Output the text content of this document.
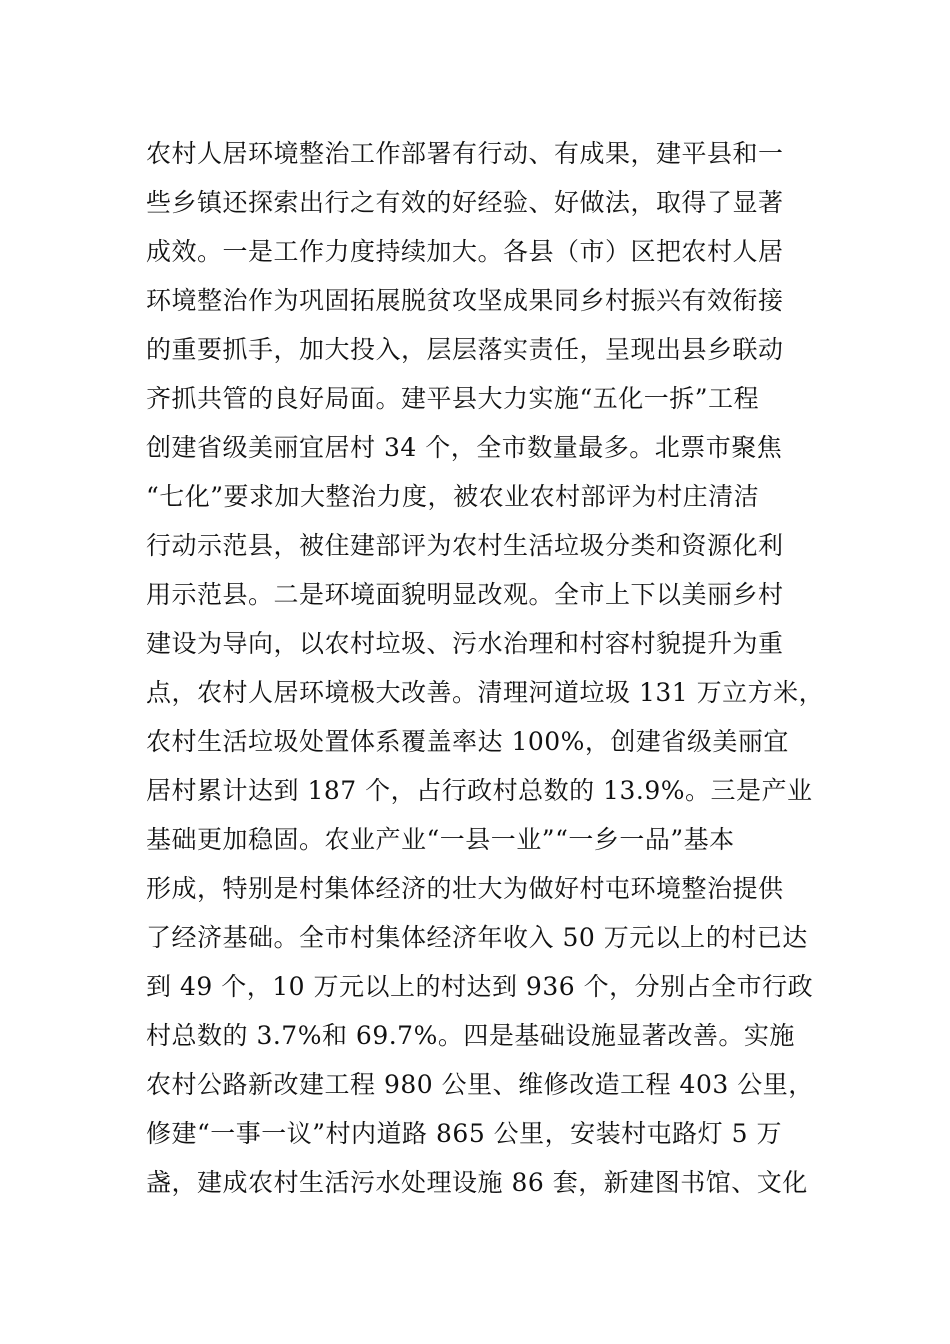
农村人居环境整治工作部署有行动、有成果，建平县和一
些乡镇还探索出行之有效的好经验、好做法，取得了显著
成效。一是工作力度持续加大。各县（市）区把农村人居
环境整治作为巩固拓展脱贫攻坚成果同乡村振兴有效衔接
的重要抓手，加大投入，层层落实责任，呈现出县乡联动
齐抓共管的良好局面。建平县大力实施“五化一拆”工程
创建省级美丽宜居村 34 个，全市数量最多。北票市聚焦
“七化”要求加大整治力度，被农业农村部评为村庄清洁
行动示范县，被住建部评为农村生活垃圾分类和资源化利
用示范县。二是环境面貌明显改观。全市上下以美丽乡村
建设为导向，以农村垃圾、污水治理和村容村貌提升为重
点，农村人居环境极大改善。清理河道垃圾 131 万立方米，
农村生活垃圾处置体系覆盖率达 100%，创建省级美丽宜
居村累计达到 187 个，占行政村总数的 13.9%。三是产业
基础更加稳固。农业产业“一县一业”“一乡一品”基本
形成，特别是村集体经济的壮大为做好村屯环境整治提供
了经济基础。全市村集体经济年收入 50 万元以上的村已达
到 49 个，10 万元以上的村达到 936 个，分别占全市行政
村总数的 3.7%和 69.7%。四是基础设施显著改善。实施
农村公路新改建工程 980 公里、维修改造工程 403 公里，
修建“一事一议”村内道路 865 公里，安装村屯路灯 5 万
盏，建成农村生活污水处理设施 86 套，新建图书馆、文化
